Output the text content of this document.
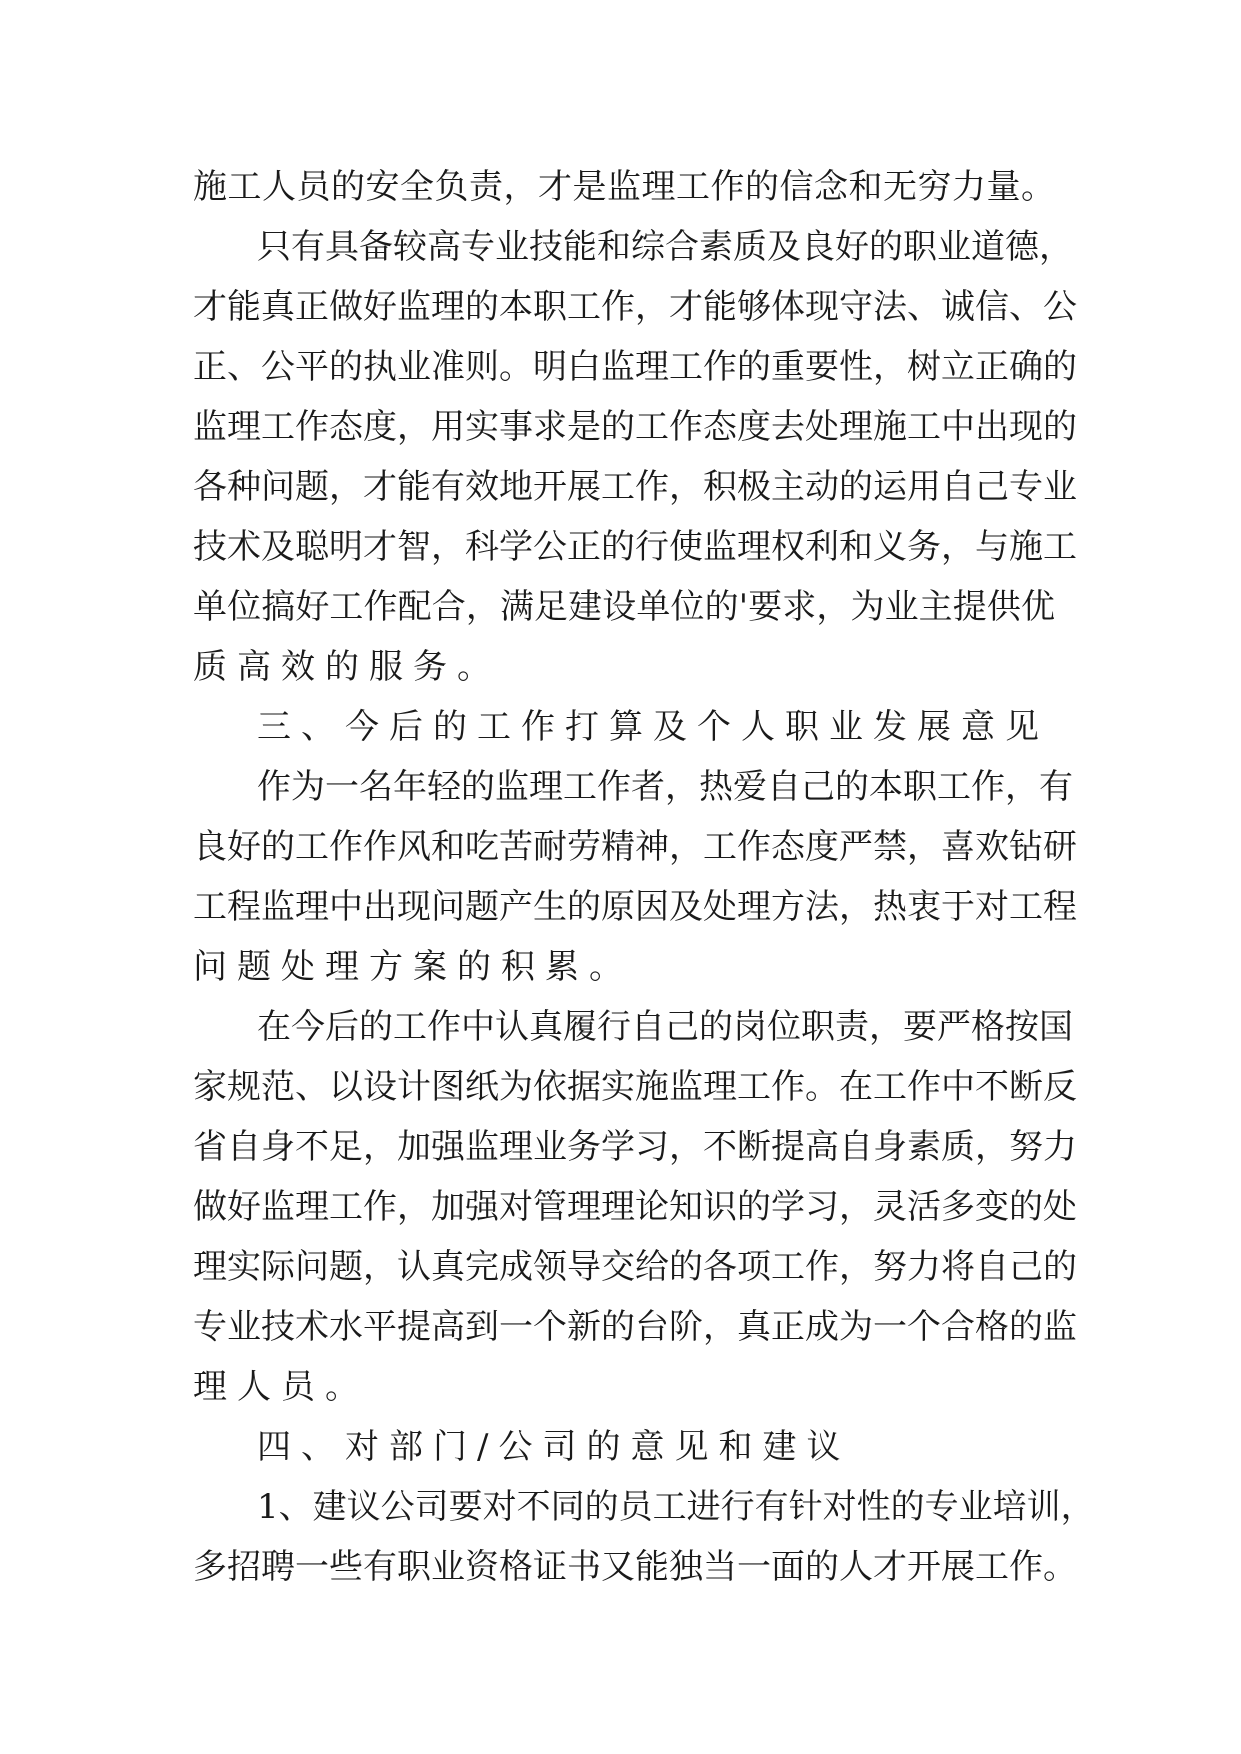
施工人员的安全负责，才是监理工作的信念和无穷力量。
只有具备较高专业技能和综合素质及良好的职业道德，
才能真正做好监理的本职工作，才能够体现守法、诚信、公
正、公平的执业准则。明白监理工作的重要性，树立正确的
监理工作态度，用实事求是的工作态度去处理施工中出现的
各种问题，才能有效地开展工作，积极主动的运用自己专业
技术及聪明才智，科学公正的行使监理权利和义务，与施工
单位搞好工作配合，满足建设单位的'要求，为业主提供优
质高效的服务。
三、今后的工作打算及个人职业发展意见
作为一名年轻的监理工作者，热爱自己的本职工作，有
良好的工作作风和吃苦耐劳精神，工作态度严禁，喜欢钻研
工程监理中出现问题产生的原因及处理方法，热衷于对工程
问题处理方案的积累。
在今后的工作中认真履行自己的岗位职责，要严格按国
家规范、以设计图纸为依据实施监理工作。在工作中不断反
省自身不足，加强监理业务学习，不断提高自身素质，努力
做好监理工作，加强对管理理论知识的学习，灵活多变的处
理实际问题，认真完成领导交给的各项工作，努力将自己的
专业技术水平提高到一个新的台阶，真正成为一个合格的监
理人员。
四、对部门/公司的意见和建议
1、建议公司要对不同的员工进行有针对性的专业培训，
多招聘一些有职业资格证书又能独当一面的人才开展工作。
